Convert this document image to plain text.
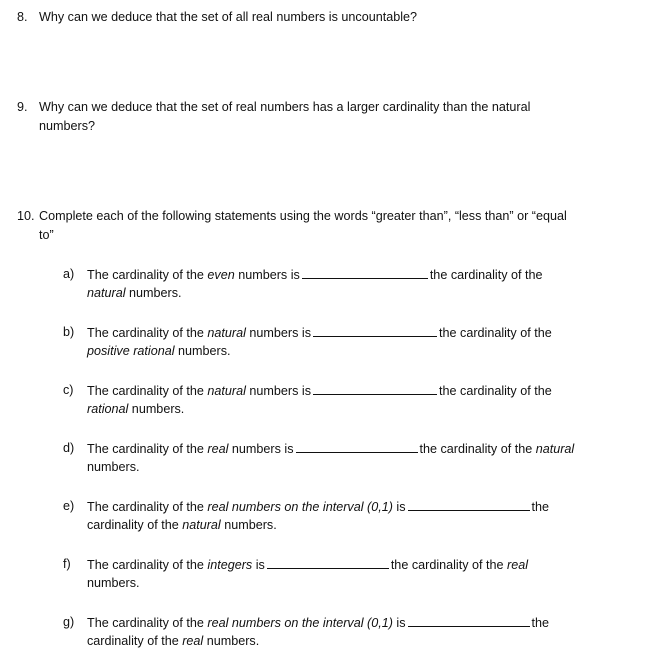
8. Why can we deduce that the set of all real numbers is uncountable?
9. Why can we deduce that the set of real numbers has a larger cardinality than the natural
numbers?
10. Complete each of the following statements using the words “greater than”, “less than” or “equal
to”
a) The cardinality of the even numbers is	the cardinality of the
natural numbers.
b) The cardinality of the natural numbers is	the cardinality of the
positive rational numbers.
c) The cardinality of the natural numbers is	the cardinality of the
rational numbers.
d) The cardinality of the real numbers is	the cardinality of the natural
numbers.
e) The cardinality of the real numbers on the interval (0,1) is	the
cardinality of the natural numbers.
f) The cardinality of the integers is	the cardinality of the real
numbers.
g) The cardinality of the real numbers on the interval (0,1) is	the
cardinality of the real numbers.
